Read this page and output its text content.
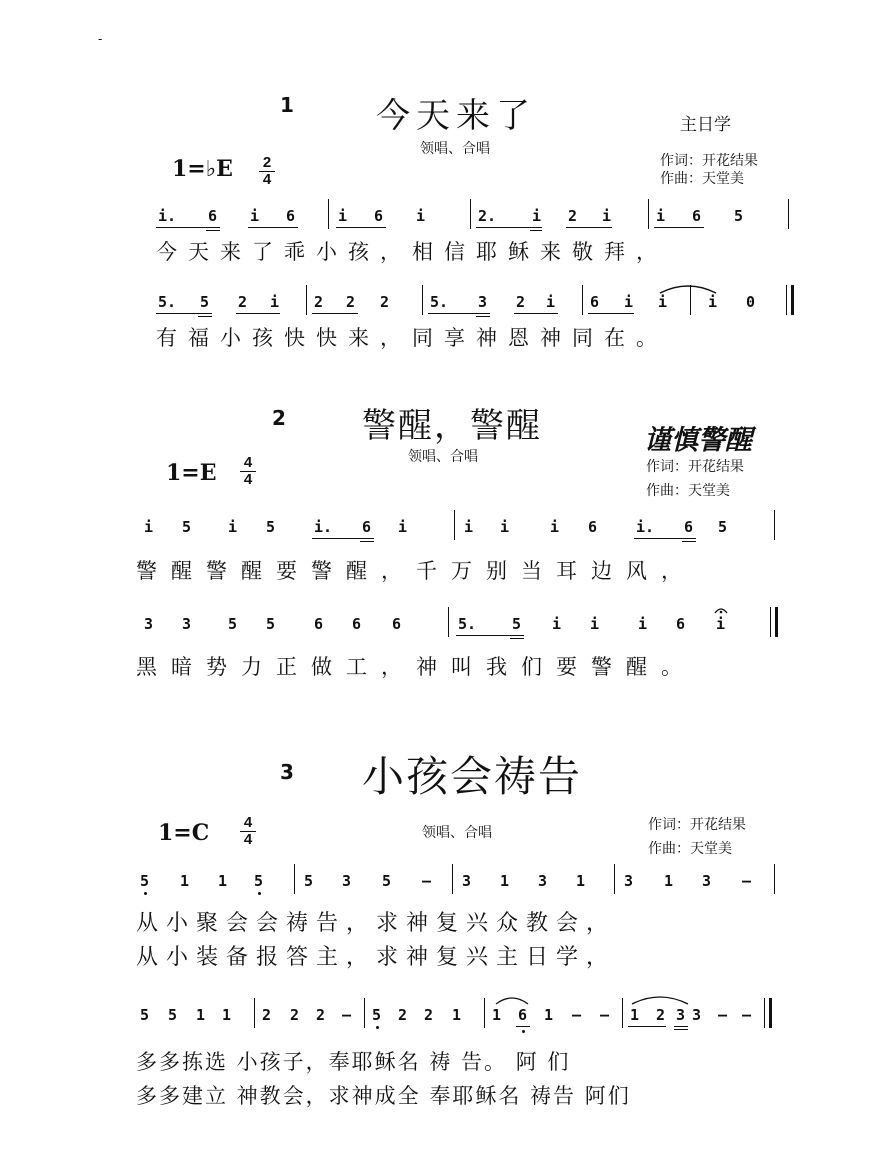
-
1 今天来了	主日学
领唱、合唱
1=♭E 2
4
作词：开花结果
作曲：天堂美
i. 6 i 6	i 6 i	2. i 2 i	i 6 5
今天来了乖小孩，相信耶稣来敬拜，
5. 5 2 i 2 2 2	5. 3 2 i 6 i i	i 0
有福小孩快快来，同享神恩神同在。
2 警醒，警醒	谨慎警醒
领唱、合唱
1=E 4
4
作词：开花结果
作曲：天堂美
i 5 i 5	i. 6 i	i i	i 6	i. 6 5
警醒警醒要警醒，千万别当耳边风，
3 3 5 5	6 6 6	5. 5 i i	i 6 i
黑暗势力正做工，神叫我们要警醒。
3 小孩会祷告
领唱、合唱
1=C 4
4
作词：开花结果
作曲：天堂美
5 1 1 5	5 3 5 – 3 1 3 1	3 1 3 –
从小聚会会祷告，求神复兴众教会，
从小装备报答主，求神复兴主日学，
5 5 1 1 2 2 2 – 5 2 2 1 1 6 1 – – 1 2 3 3 – –
多多拣选 小孩子，奉耶稣名 祷 告。 阿 们
多多建立 神教会，求神成全 奉耶稣名 祷告 阿们
